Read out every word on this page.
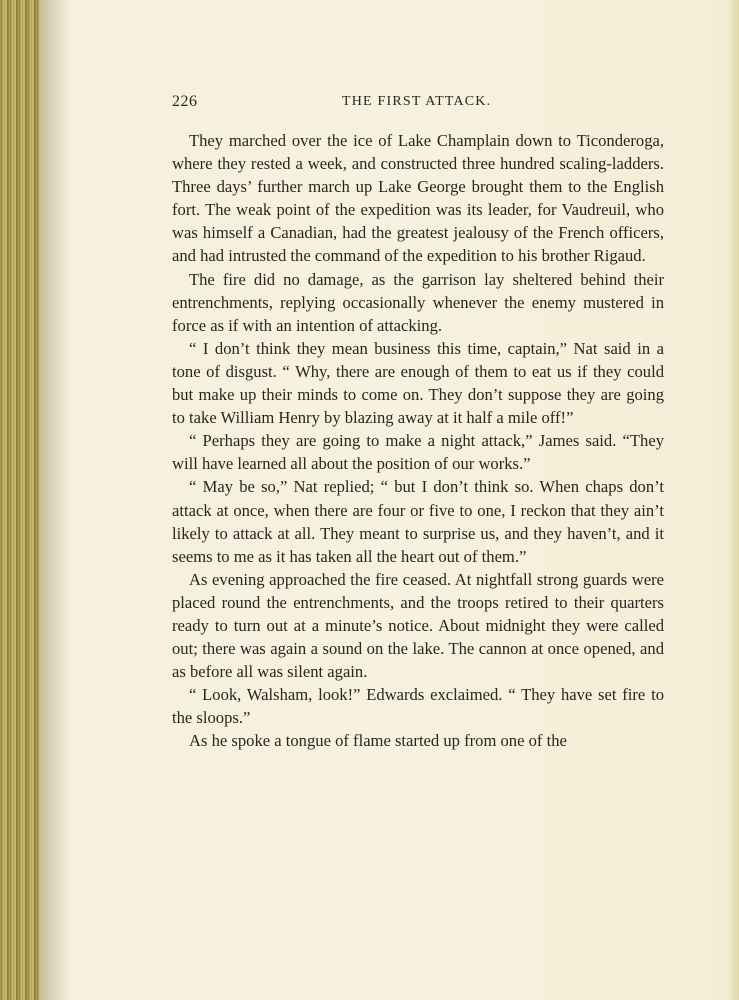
226	THE FIRST ATTACK.

They marched over the ice of Lake Champlain down to Ticonderoga, where they rested a week, and constructed three hundred scaling-ladders. Three days’ further march up Lake George brought them to the English fort. The weak point of the expedition was its leader, for Vaudreuil, who was himself a Canadian, had the greatest jealousy of the French officers, and had intrusted the command of the expedition to his brother Rigaud.

The fire did no damage, as the garrison lay sheltered behind their entrenchments, replying occasionally whenever the enemy mustered in force as if with an intention of attacking.

“ I don’t think they mean business this time, captain,” Nat said in a tone of disgust. “ Why, there are enough of them to eat us if they could but make up their minds to come on. They don’t suppose they are going to take William Henry by blazing away at it half a mile off!”

“ Perhaps they are going to make a night attack,” James said. “They will have learned all about the position of our works.”

“ May be so,” Nat replied; “ but I don’t think so. When chaps don’t attack at once, when there are four or five to one, I reckon that they ain’t likely to attack at all. They meant to surprise us, and they haven’t, and it seems to me as it has taken all the heart out of them.”

As evening approached the fire ceased. At nightfall strong guards were placed round the entrenchments, and the troops retired to their quarters ready to turn out at a minute’s notice. About midnight they were called out; there was again a sound on the lake. The cannon at once opened, and as before all was silent again.

“ Look, Walsham, look!” Edwards exclaimed. “ They have set fire to the sloops.”

As he spoke a tongue of flame started up from one of the
